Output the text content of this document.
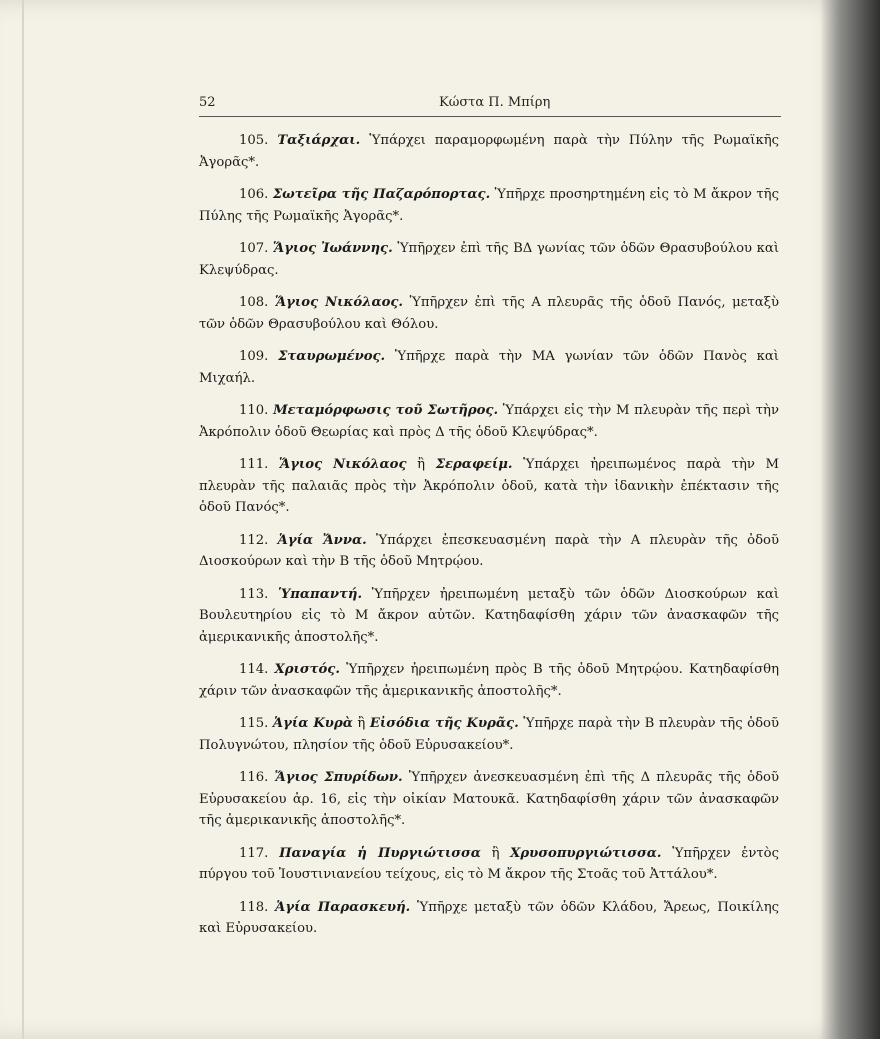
52	Κώστα Π. Μπίρη

105. Ταξιάρχαι. Ὑπάρχει παραμορφωμένη παρὰ τὴν Πύλην τῆς Ρωμαϊκῆς Ἀγορᾶς*.

106. Σωτεῖρα τῆς Παζαρόπορτας. Ὑπῆρχε προσηρτημένη εἰς τὸ Μ ἄκρον τῆς Πύλης τῆς Ρωμαϊκῆς Ἀγορᾶς*.

107. Ἅγιος Ἰωάννης. Ὑπῆρχεν ἐπὶ τῆς ΒΔ γωνίας τῶν ὁδῶν Θρασυβούλου καὶ Κλεψύδρας.

108. Ἅγιος Νικόλαος. Ὑπῆρχεν ἐπὶ τῆς Α πλευρᾶς τῆς ὁδοῦ Πανός, μεταξὺ τῶν ὁδῶν Θρασυβούλου καὶ Θόλου.

109. Σταυρωμένος. Ὑπῆρχε παρὰ τὴν ΜΑ γωνίαν τῶν ὁδῶν Πανὸς καὶ Μιχαήλ.

110. Μεταμόρφωσις τοῦ Σωτῆρος. Ὑπάρχει εἰς τὴν Μ πλευρὰν τῆς περὶ τὴν Ἀκρόπολιν ὁδοῦ Θεωρίας καὶ πρὸς Δ τῆς ὁδοῦ Κλεψύδρας*.

111. Ἅγιος Νικόλαος ἢ Σεραφείμ. Ὑπάρχει ἠρειπωμένος παρὰ τὴν Μ πλευρὰν τῆς παλαιᾶς πρὸς τὴν Ἀκρόπολιν ὁδοῦ, κατὰ τὴν ἰδανικὴν ἐπέκτασιν τῆς ὁδοῦ Πανός*.

112. Ἁγία Ἄννα. Ὑπάρχει ἐπεσκευασμένη παρὰ τὴν Α πλευρὰν τῆς ὁδοῦ Διοσκούρων καὶ τὴν Β τῆς ὁδοῦ Μητρῴου.

113. Ὑπαπαντή. Ὑπῆρχεν ἠρειπωμένη μεταξὺ τῶν ὁδῶν Διοσκούρων καὶ Βουλευτηρίου εἰς τὸ Μ ἄκρον αὐτῶν. Κατηδαφίσθη χάριν τῶν ἀνασκαφῶν τῆς ἀμερικανικῆς ἀποστολῆς*.

114. Χριστός. Ὑπῆρχεν ἠρειπωμένη πρὸς Β τῆς ὁδοῦ Μητρῴου. Κατηδαφίσθη χάριν τῶν ἀνασκαφῶν τῆς ἀμερικανικῆς ἀποστολῆς*.

115. Ἁγία Κυρὰ ἢ Εἰσόδια τῆς Κυρᾶς. Ὑπῆρχε παρὰ τὴν Β πλευρὰν τῆς ὁδοῦ Πολυγνώτου, πλησίον τῆς ὁδοῦ Εὐρυσακείου*.

116. Ἅγιος Σπυρίδων. Ὑπῆρχεν ἀνεσκευασμένη ἐπὶ τῆς Δ πλευρᾶς τῆς ὁδοῦ Εὐρυσακείου ἀρ. 16, εἰς τὴν οἰκίαν Ματουκᾶ. Κατηδαφίσθη χάριν τῶν ἀνασκαφῶν τῆς ἀμερικανικῆς ἀποστολῆς*.

117. Παναγία ἡ Πυργιώτισσα ἢ Χρυσοπυργιώτισσα. Ὑπῆρχεν ἐντὸς πύργου τοῦ Ἰουστινιανείου τείχους, εἰς τὸ Μ ἄκρον τῆς Στοᾶς τοῦ Ἀττάλου*.

118. Ἁγία Παρασκευή. Ὑπῆρχε μεταξὺ τῶν ὁδῶν Κλάδου, Ἄρεως, Ποικίλης καὶ Εὐρυσακείου.
